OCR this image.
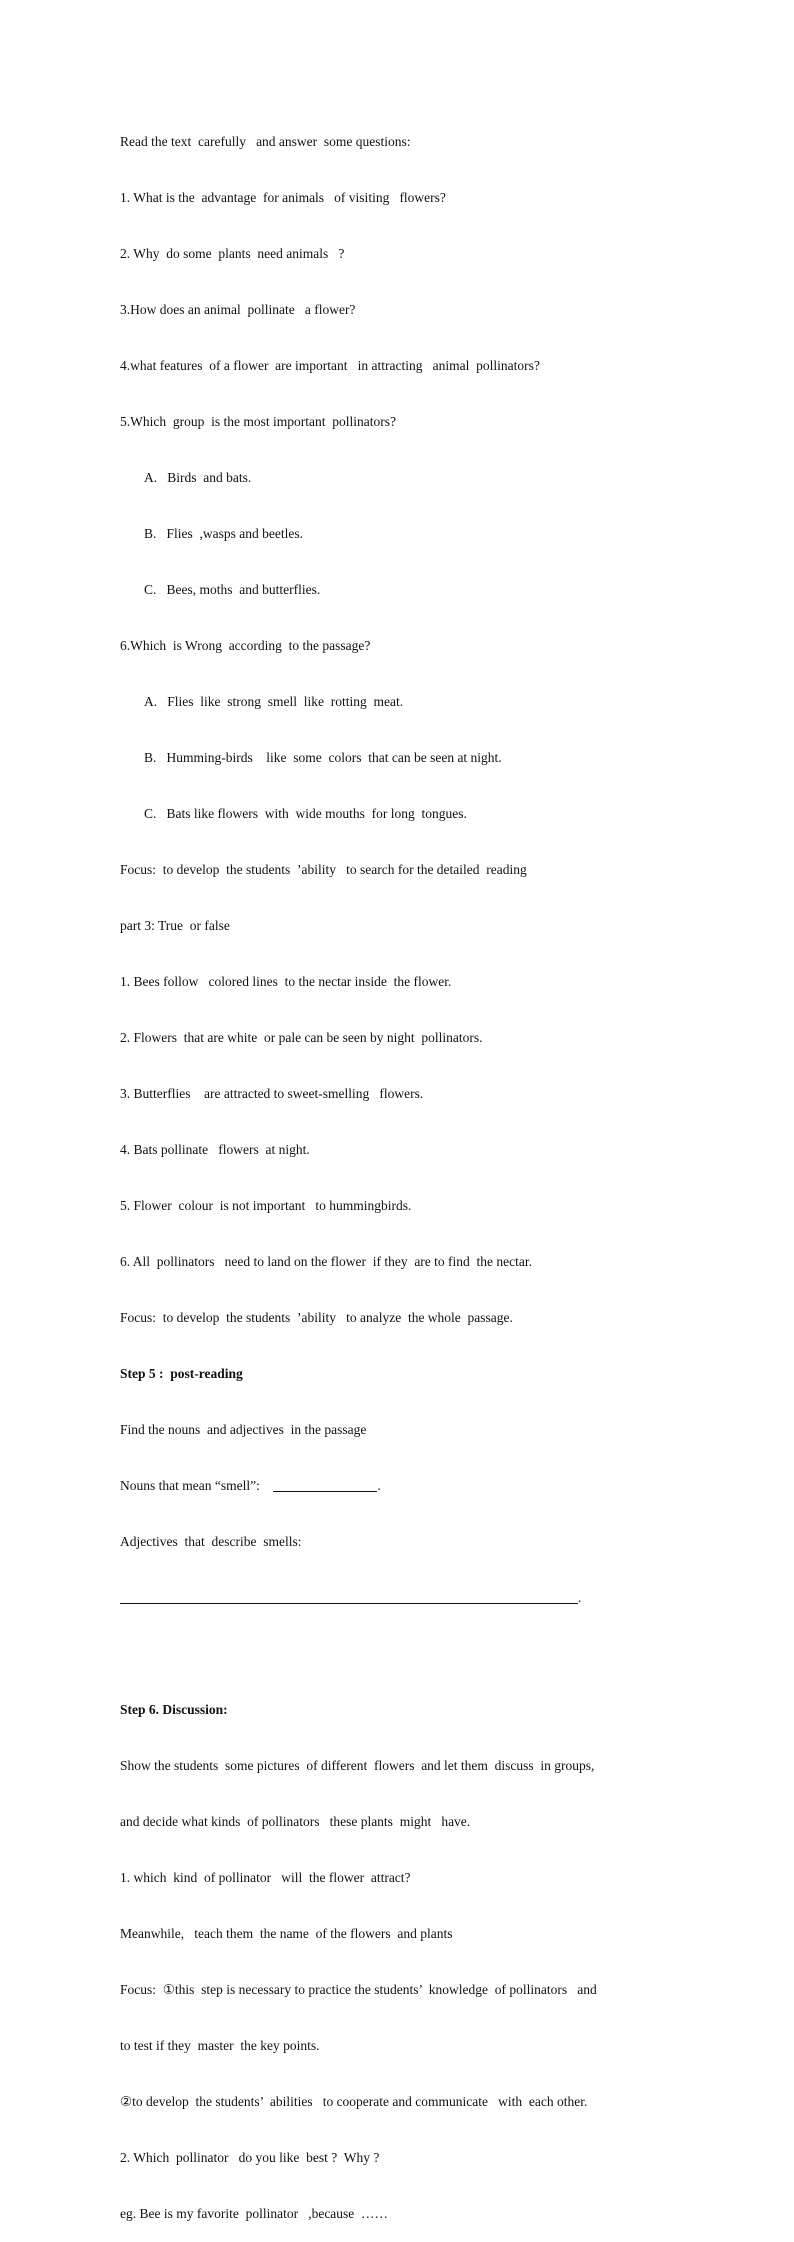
Read the text  carefully   and answer  some questions:

1. What is the  advantage  for animals   of visiting   flowers?

2. Why  do some  plants  need animals   ?

3.How does an animal  pollinate   a flower?

4.what features  of a flower  are important   in attracting   animal  pollinators?

5.Which  group  is the most important  pollinators?

A.   Birds  and bats.

B.   Flies  ,wasps and beetles.

C.   Bees, moths  and butterflies.

6.Which  is Wrong  according  to the passage?

A.   Flies  like  strong  smell  like  rotting  meat.

B.   Humming-birds    like  some  colors  that can be seen at night.

C.   Bats like flowers  with  wide mouths  for long  tongues.

Focus:  to develop  the students  ’ability   to search for the detailed  reading

part 3: True  or false

1. Bees follow   colored lines  to the nectar inside  the flower.

2. Flowers  that are white  or pale can be seen by night  pollinators.

3. Butterflies    are attracted to sweet-smelling   flowers.

4. Bats pollinate   flowers  at night.

5. Flower  colour  is not important   to hummingbirds.

6. All  pollinators   need to land on the flower  if they  are to find  the nectar.

Focus:  to develop  the students  ’ability   to analyze  the whole  passage.

Step 5 :  post-reading

Find the nouns  and adjectives  in the passage

Nouns that mean “smell”:	.

Adjectives  that  describe  smells:

.

Step 6. Discussion:

Show the students  some pictures  of different  flowers  and let them  discuss  in groups,

and decide what kinds  of pollinators   these plants  might   have.

1. which  kind  of pollinator   will  the flower  attract?

Meanwhile,   teach them  the name  of the flowers  and plants

Focus:  ①this  step is necessary to practice the students’  knowledge  of pollinators   and

to test if they  master  the key points.

②to develop  the students’  abilities   to cooperate and communicate   with  each other.

2. Which  pollinator   do you like  best ?  Why ?

eg. Bee is my favorite  pollinator   ,because  ……
